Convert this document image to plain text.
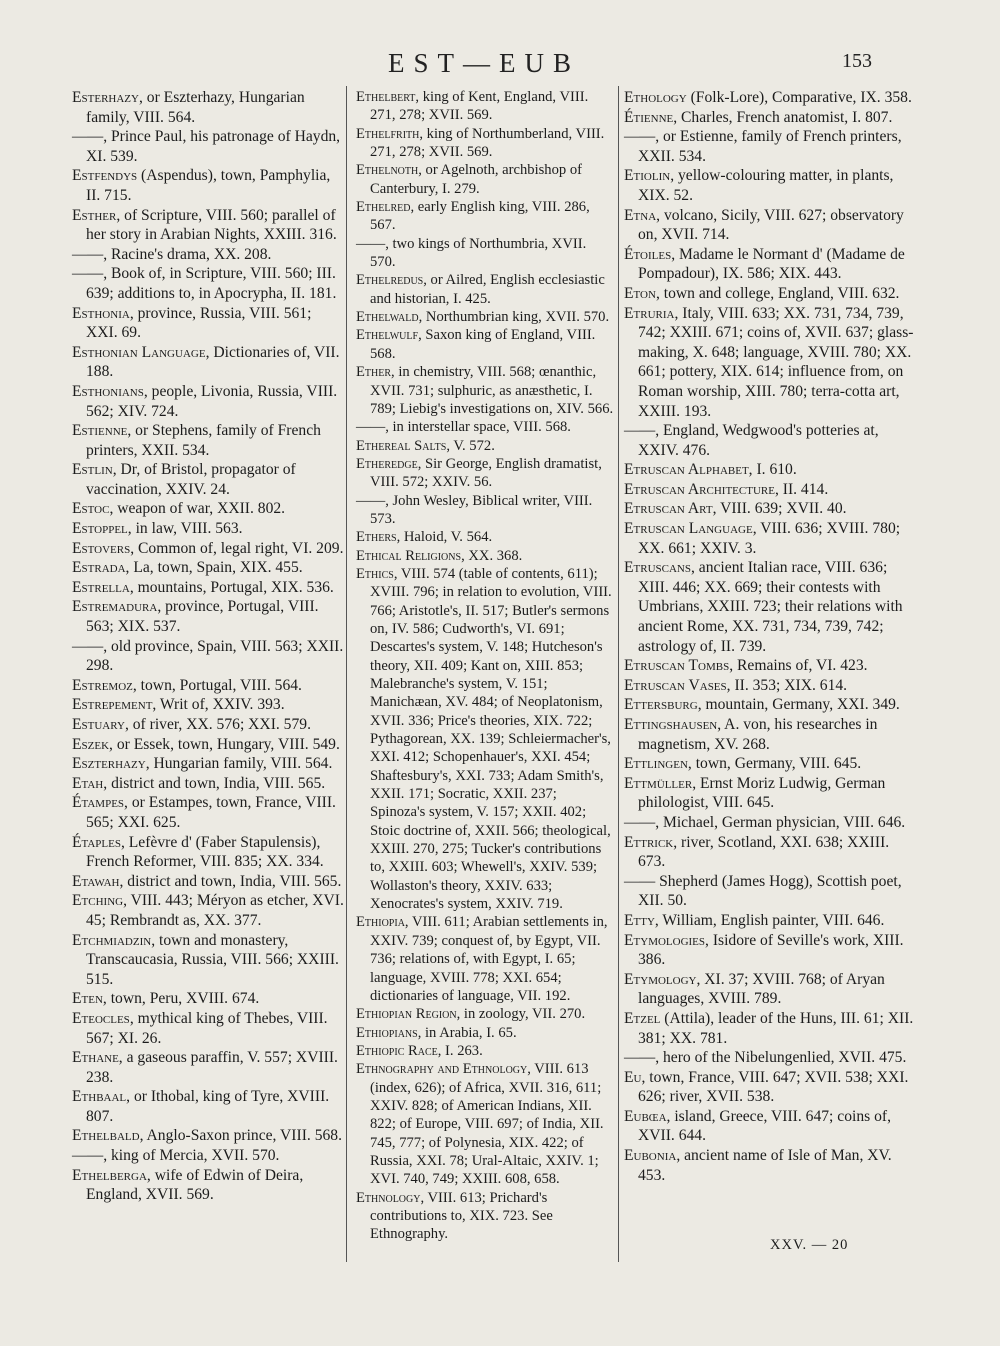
EST—EUB	153
Esterhazy, or Eszterhazy, Hungarian family, VIII. 564.
——, Prince Paul, his patronage of Haydn, XI. 539.
Estfendys (Aspendus), town, Pamphylia, II. 715.
Esther, of Scripture, VIII. 560; parallel of her story in Arabian Nights, XXIII. 316.
——, Racine's drama, XX. 208.
——, Book of, in Scripture, VIII. 560; III. 639; additions to, in Apocrypha, II. 181.
Esthonia, province, Russia, VIII. 561; XXI. 69.
Esthonian Language, Dictionaries of, VII. 188.
Esthonians, people, Livonia, Russia, VIII. 562; XIV. 724.
Estienne, or Stephens, family of French printers, XXII. 534.
Estlin, Dr, of Bristol, propagator of vaccination, XXIV. 24.
Estoc, weapon of war, XXII. 802.
Estoppel, in law, VIII. 563.
Estovers, Common of, legal right, VI. 209.
Estrada, La, town, Spain, XIX. 455.
Estrella, mountains, Portugal, XIX. 536.
Estremadura, province, Portugal, VIII. 563; XIX. 537.
——, old province, Spain, VIII. 563; XXII. 298.
Estremoz, town, Portugal, VIII. 564.
Estrepement, Writ of, XXIV. 393.
Estuary, of river, XX. 576; XXI. 579.
Eszek, or Essek, town, Hungary, VIII. 549.
Eszterhazy, Hungarian family, VIII. 564.
Etah, district and town, India, VIII. 565.
Étampes, or Estampes, town, France, VIII. 565; XXI. 625.
Étaples, Lefèvre d' (Faber Stapulensis), French Reformer, VIII. 835; XX. 334.
Etawah, district and town, India, VIII. 565.
Etching, VIII. 443; Méryon as etcher, XVI. 45; Rembrandt as, XX. 377.
Etchmiadzin, town and monastery, Transcaucasia, Russia, VIII. 566; XXIII. 515.
Eten, town, Peru, XVIII. 674.
Eteocles, mythical king of Thebes, VIII. 567; XI. 26.
Ethane, a gaseous paraffin, V. 557; XVIII. 238.
Ethbaal, or Ithobal, king of Tyre, XVIII. 807.
Ethelbald, Anglo-Saxon prince, VIII. 568.
——, king of Mercia, XVII. 570.
Ethelberga, wife of Edwin of Deira, England, XVII. 569.
Ethelbert, king of Kent, England, VIII. 271, 278; XVII. 569.
Ethelfrith, king of Northumberland, VIII. 271, 278; XVII. 569.
Ethelnoth, or Agelnoth, archbishop of Canterbury, I. 279.
Ethelred, early English king, VIII. 286, 567.
——, two kings of Northumbria, XVII. 570.
Ethelredus, or Ailred, English ecclesiastic and historian, I. 425.
Ethelwald, Northumbrian king, XVII. 570.
Ethelwulf, Saxon king of England, VIII. 568.
Ether, in chemistry, VIII. 568; œnanthic, XVII. 731; sulphuric, as anæsthetic, I. 789; Liebig's investigations on, XIV. 566.
——, in interstellar space, VIII. 568.
Ethereal Salts, V. 572.
Etheredge, Sir George, English dramatist, VIII. 572; XXIV. 56.
——, John Wesley, Biblical writer, VIII. 573.
Ethers, Haloid, V. 564.
Ethical Religions, XX. 368.
Ethics, VIII. 574 (table of contents, 611); XVIII. 796; in relation to evolution, VIII. 766; Aristotle's, II. 517; Butler's sermons on, IV. 586; Cudworth's, VI. 691; Descartes's system, V. 148; Hutcheson's theory, XII. 409; Kant on, XIII. 853; Malebranche's system, V. 151; Manichæan, XV. 484; of Neoplatonism, XVII. 336; Price's theories, XIX. 722; Pythagorean, XX. 139; Schleiermacher's, XXI. 412; Schopenhauer's, XXI. 454; Shaftesbury's, XXI. 733; Adam Smith's, XXII. 171; Socratic, XXII. 237; Spinoza's system, V. 157; XXII. 402; Stoic doctrine of, XXII. 566; theological, XXIII. 270, 275; Tucker's contributions to, XXIII. 603; Whewell's, XXIV. 539; Wollaston's theory, XXIV. 633; Xenocrates's system, XXIV. 719.
Ethiopia, VIII. 611; Arabian settlements in, XXIV. 739; conquest of, by Egypt, VII. 736; relations of, with Egypt, I. 65; language, XVIII. 778; XXI. 654; dictionaries of language, VII. 192.
Ethiopian Region, in zoology, VII. 270.
Ethiopians, in Arabia, I. 65.
Ethiopic Race, I. 263.
Ethnography and Ethnology, VIII. 613 (index, 626); of Africa, XVII. 316, 611; XXIV. 828; of American Indians, XII. 822; of Europe, VIII. 697; of India, XII. 745, 777; of Polynesia, XIX. 422; of Russia, XXI. 78; Ural-Altaic, XXIV. 1; XVI. 740, 749; XXIII. 608, 658.
Ethnology, VIII. 613; Prichard's contributions to, XIX. 723. See Ethnography.
Ethology (Folk-Lore), Comparative, IX. 358.
Étienne, Charles, French anatomist, I. 807.
——, or Estienne, family of French printers, XXII. 534.
Etiolin, yellow-colouring matter, in plants, XIX. 52.
Etna, volcano, Sicily, VIII. 627; observatory on, XVII. 714.
Étoiles, Madame le Normant d' (Madame de Pompadour), IX. 586; XIX. 443.
Eton, town and college, England, VIII. 632.
Etruria, Italy, VIII. 633; XX. 731, 734, 739, 742; XXIII. 671; coins of, XVII. 637; glass-making, X. 648; language, XVIII. 780; XX. 661; pottery, XIX. 614; influence from, on Roman worship, XIII. 780; terra-cotta art, XXIII. 193.
——, England, Wedgwood's potteries at, XXIV. 476.
Etruscan Alphabet, I. 610.
Etruscan Architecture, II. 414.
Etruscan Art, VIII. 639; XVII. 40.
Etruscan Language, VIII. 636; XVIII. 780; XX. 661; XXIV. 3.
Etruscans, ancient Italian race, VIII. 636; XIII. 446; XX. 669; their contests with Umbrians, XXIII. 723; their relations with ancient Rome, XX. 731, 734, 739, 742; astrology of, II. 739.
Etruscan Tombs, Remains of, VI. 423.
Etruscan Vases, II. 353; XIX. 614.
Ettersburg, mountain, Germany, XXI. 349.
Ettingshausen, A. von, his researches in magnetism, XV. 268.
Ettlingen, town, Germany, VIII. 645.
Ettmüller, Ernst Moriz Ludwig, German philologist, VIII. 645.
——, Michael, German physician, VIII. 646.
Ettrick, river, Scotland, XXI. 638; XXIII. 673.
—— Shepherd (James Hogg), Scottish poet, XII. 50.
Etty, William, English painter, VIII. 646.
Etymologies, Isidore of Seville's work, XIII. 386.
Etymology, XI. 37; XVIII. 768; of Aryan languages, XVIII. 789.
Etzel (Attila), leader of the Huns, III. 61; XII. 381; XX. 781.
——, hero of the Nibelungenlied, XVII. 475.
Eu, town, France, VIII. 647; XVII. 538; XXI. 626; river, XVII. 538.
Eubœa, island, Greece, VIII. 647; coins of, XVII. 644.
Eubonia, ancient name of Isle of Man, XV. 453.
XXV. — 20
